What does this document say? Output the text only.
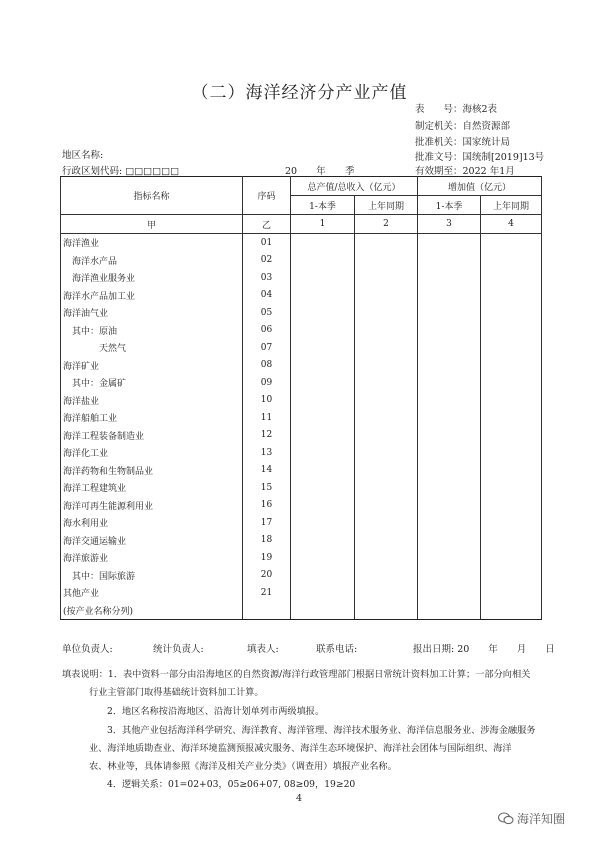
（二）海洋经济分产业产值
表　　号：海核2表
制定机关：自然资源部
批准机关：国家统计局
地区名称:	批准文号：国统制[2019]13号
行政区划代码: □□□□□□	20　　年 季	有效期至：2022 年1月
指标名称	序码	总产值/总收入（亿元）		增加值（亿元）	
		1-本季	上年同期	1-本季	上年同期
甲	乙	1	2	3	4
海洋渔业	01				
　海洋水产品	02				
　海洋渔业服务业	03				
海洋水产品加工业	04				
海洋油气业	05				
　其中：原油	06				
　　　　天然气	07				
海洋矿业	08				
　其中：金属矿	09				
海洋盐业	10				
海洋船舶工业	11				
海洋工程装备制造业	12				
海洋化工业	13				
海洋药物和生物制品业	14				
海洋工程建筑业	15				
海洋可再生能源利用业	16				
海水利用业	17				
海洋交通运输业	18				
海洋旅游业	19				
　其中：国际旅游	20				
其他产业	21				
(按产业名称分列)					
单位负责人:	统计负责人:	填表人:	联系电话:	报出日期: 20　　年　　月　　日
填表说明：1．表中资料一部分由沿海地区的自然资源/海洋行政管理部门根据日常统计资料加工计算；一部分向相关
行业主管部门取得基础统计资料加工计算。
2．地区名称按沿海地区、沿海计划单列市两级填报。
3．其他产业包括海洋科学研究、海洋教育、海洋管理、海洋技术服务业、海洋信息服务业、涉海金融服务
业、海洋地质勘查业、海洋环境监测预报减灾服务、海洋生态环境保护、海洋社会团体与国际组织、海洋
农、林业等，具体请参照《海洋及相关产业分类》（调查用）填报产业名称。
4．逻辑关系：01=02+03，05≥06+07, 08≥09，19≥20
4
海洋知圈
